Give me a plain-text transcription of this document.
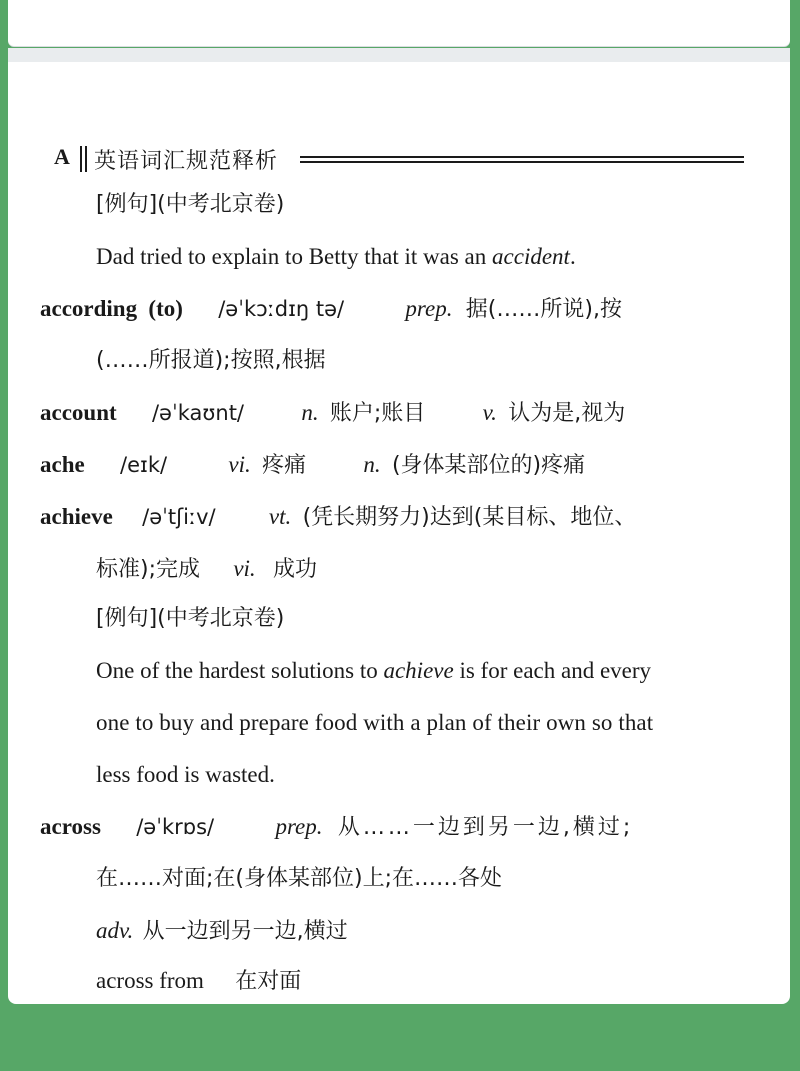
A 英语词汇规范释析
[例句](中考北京卷)
Dad tried to explain to Betty that it was an accident.
according (to) /əˈkɔːdɪŋ tə/	prep. 据(……所说),按
(……所报道);按照,根据
account /əˈkaʊnt/ n. 账户;账目 v. 认为是,视为
ache /eɪk/	vi. 疼痛 n. (身体某部位的)疼痛
achieve /əˈtʃiːv/ vt. (凭长期努力)达到(某目标、地位、
标准);完成 vi. 成功
[例句](中考北京卷)
One of the hardest solutions to achieve is for each and every
one to buy and prepare food with a plan of their own so that
less food is wasted.
across /əˈkrɒs/	prep. 从……一边到另一边,横过;
在……对面;在(身体某部位)上;在……各处
adv. 从一边到另一边,横过
across from 在对面
